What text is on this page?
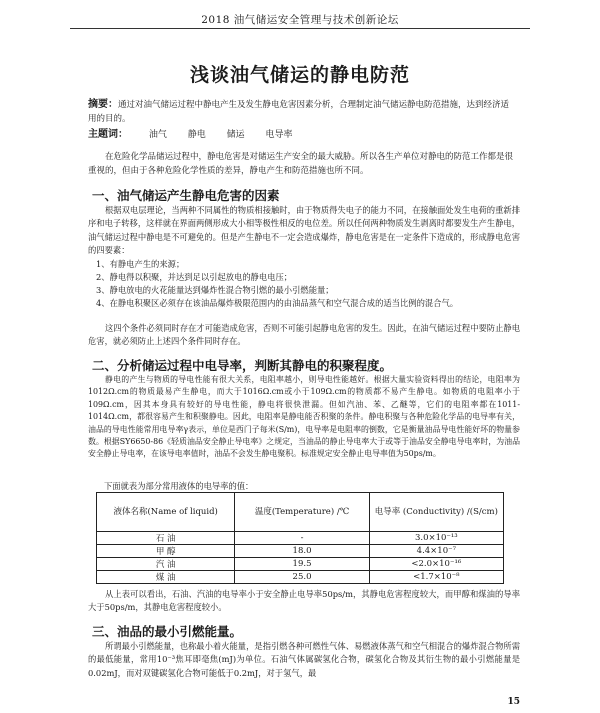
2018 油气储运安全管理与技术创新论坛
浅谈油气储运的静电防范
摘要：通过对油气储运过程中静电产生及发生静电危害因素分析，合理制定油气储运静电防范措施，达到经济适用的目的。
主题词： 油气 静电 储运 电导率
在危险化学品储运过程中，静电危害是对储运生产安全的最大威胁。所以各生产单位对静电的防范工作都是很重视的，但由于各种危险化学性质的差异，静电产生和防范措施也所不同。
一、油气储运产生静电危害的因素
根据双电层理论，当两种不同属性的物质相接触时，由于物质得失电子的能力不同，在接触面处发生电荷的重新排序和电子转移，这样就在界面两侧形成大小相等极性相反的电位差。所以任何两种物质发生剥离时都要发生产生静电，油气储运过程中静电是不可避免的。但是产生静电不一定会造成爆炸，静电危害是在一定条件下造成的，形成静电危害的四要素：
1、有静电产生的来源；
2、静电得以积聚，并达到足以引起放电的静电电压；
3、静电放电的火花能量达到爆炸性混合物引燃的最小引燃能量；
4、在静电积聚区必须存在该油品爆炸极限范围内的由油品蒸气和空气混合成的适当比例的混合气。
这四个条件必须同时存在才可能造成危害，否则不可能引起静电危害的发生。因此，在油气储运过程中要防止静电危害，就必须防止上述四个条件同时存在。
二、分析储运过程中电导率，判断其静电的积聚程度。
静电的产生与物质的导电性能有很大关系，电阻率越小，则导电性能越好。根据大量实验资料得出的结论，电阻率为1012Ω.cm的物质最易产生静电，而大于1016Ω.cm或小于109Ω.cm的物质都不易产生静电。如物质的电阻率小于109Ω.cm，因其本身具有较好的导电性能，静电将很快泄漏。但如汽油、苯、乙醚等，它们的电阻率都在1011-1014Ω.cm，都很容易产生和积聚静电。因此，电阻率是静电能否积聚的条件。静电积聚与各种危险化学品的电导率有关，油品的导电性能常用电导率γ表示，单位是西门子每米(S/m)，电导率是电阻率的倒数，它是衡量油品导电性能好坏的物量参数。根据SY6650-86《轻质油品安全静止导电率》之规定，当油品的静止导电率大于或等于油品安全静电导电率时，为油品安全静止导电率，在该导电率值时，油品不会发生静电聚积。标准规定安全静止电导率值为50ps/m。
下面就表为部分常用液体的电导率的值：
液体名称(Name of liquid)	温度(Temperature) /℃	电导率 (Conductivity) /(S/cm)
石 油	-	3.0×10⁻¹³
甲 醇	18.0	4.4×10⁻⁷
汽 油	19.5	<2.0×10⁻¹⁶
煤 油	25.0	<1.7×10⁻⁸
从上表可以看出，石油、汽油的电导率小于安全静止电导率50ps/m，其静电危害程度较大，而甲醇和煤油的导率大于50ps/m，其静电危害程度较小。
三、油品的最小引燃能量。
所谓最小引燃能量，也称最小着火能量，是指引燃各种可燃性气体、易燃液体蒸气和空气相混合的爆炸混合物所需的最低能量，常用10⁻³焦耳即毫焦(mJ)为单位。石油气体属碳氢化合物，碳氢化合物及其衍生物的最小引燃能量是0.02mJ，而对双键碳氢化合物可能低于0.2mJ，对于氢气，最
15
